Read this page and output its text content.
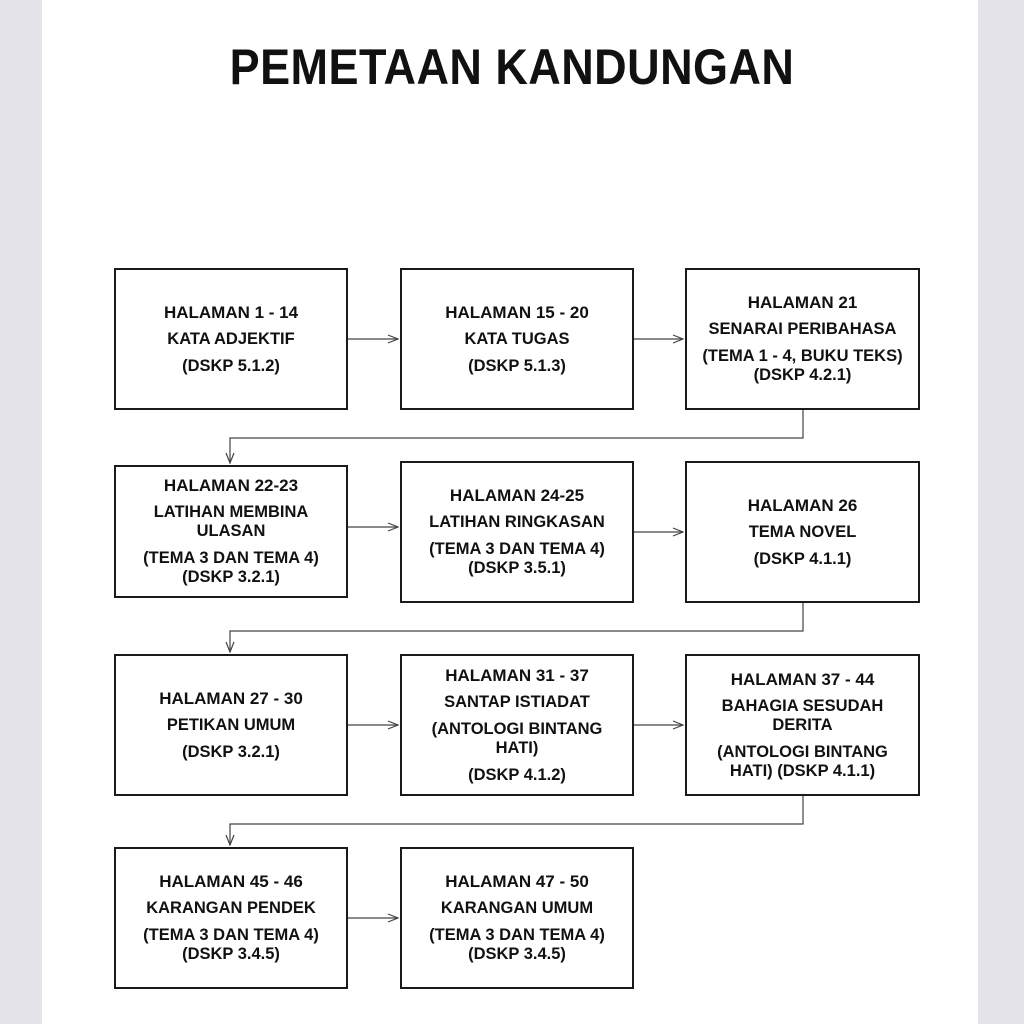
PEMETAAN KANDUNGAN
HALAMAN 1 - 14
KATA ADJEKTIF
(DSKP 5.1.2)
HALAMAN 15 - 20
KATA TUGAS
(DSKP 5.1.3)
HALAMAN 21
SENARAI PERIBAHASA
(TEMA 1 - 4, BUKU TEKS) (DSKP 4.2.1)
HALAMAN 22-23
LATIHAN MEMBINA ULASAN
(TEMA 3 DAN TEMA 4) (DSKP 3.2.1)
HALAMAN 24-25
LATIHAN RINGKASAN
(TEMA 3 DAN TEMA 4) (DSKP 3.5.1)
HALAMAN 26
TEMA NOVEL
(DSKP 4.1.1)
HALAMAN 27 - 30
PETIKAN UMUM
(DSKP 3.2.1)
HALAMAN 31 - 37
SANTAP ISTIADAT
(ANTOLOGI BINTANG HATI)
(DSKP 4.1.2)
HALAMAN 37 - 44
BAHAGIA SESUDAH DERITA
(ANTOLOGI BINTANG HATI) (DSKP 4.1.1)
HALAMAN 45 - 46
KARANGAN PENDEK
(TEMA 3 DAN TEMA 4) (DSKP 3.4.5)
HALAMAN 47 - 50
KARANGAN UMUM
(TEMA 3 DAN TEMA 4) (DSKP 3.4.5)
